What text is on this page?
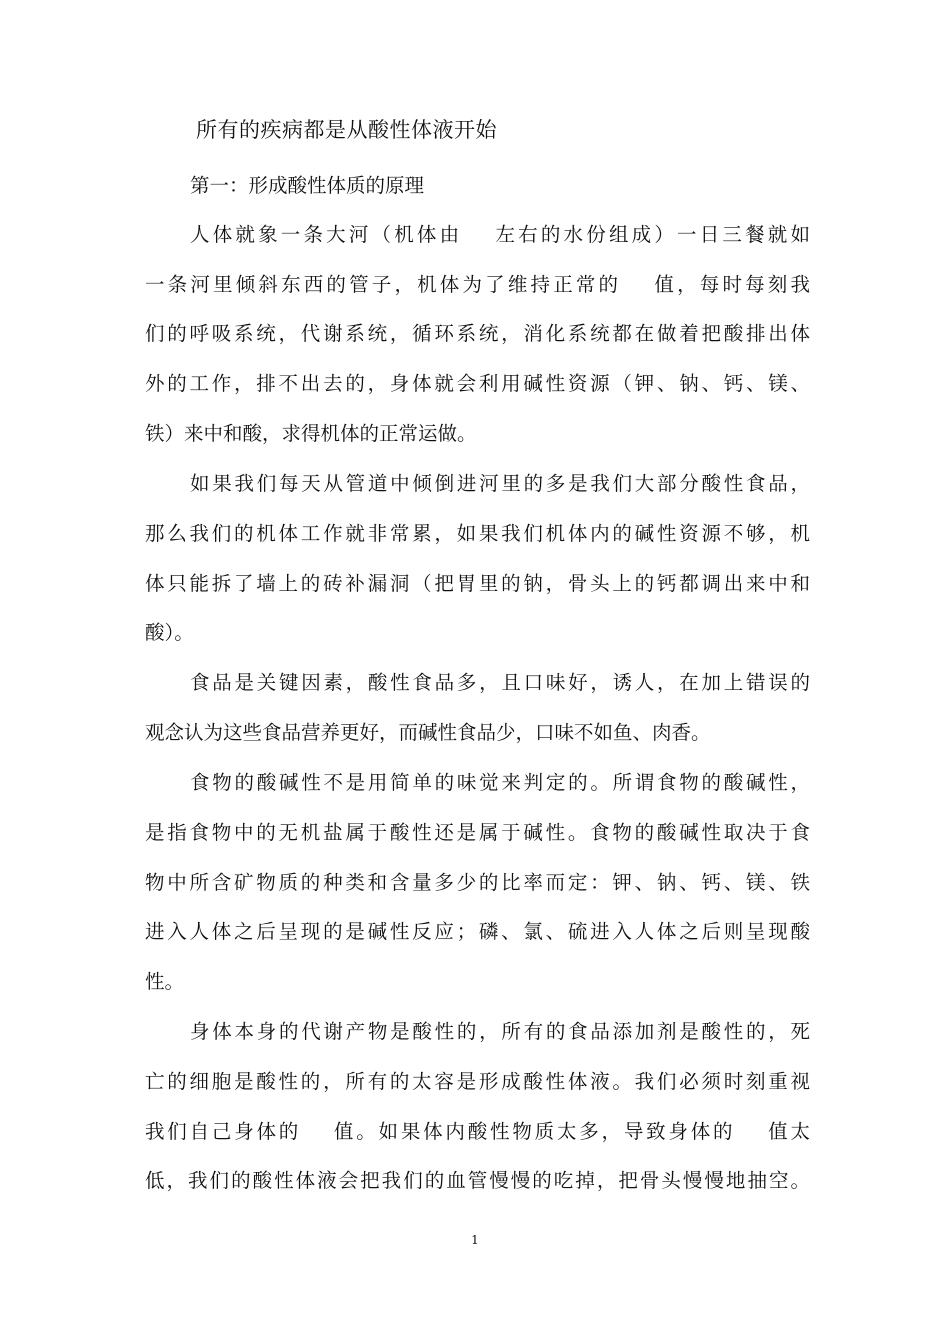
所有的疾病都是从酸性体液开始
第一：形成酸性体质的原理
人体就象一条大河（机体由 左右的水份组成）一日三餐就如
一条河里倾斜东西的管子，机体为了维持正常的 值，每时每刻我
们的呼吸系统，代谢系统，循环系统，消化系统都在做着把酸排出体
外的工作，排不出去的，身体就会利用碱性资源（钾、钠、钙、镁、
铁）来中和酸，求得机体的正常运做。
如果我们每天从管道中倾倒进河里的多是我们大部分酸性食品，
那么我们的机体工作就非常累，如果我们机体内的碱性资源不够，机
体只能拆了墙上的砖补漏洞（把胃里的钠，骨头上的钙都调出来中和
酸）。
食品是关键因素，酸性食品多，且口味好，诱人，在加上错误的
观念认为这些食品营养更好，而碱性食品少，口味不如鱼、肉香。
食物的酸碱性不是用简单的味觉来判定的。所谓食物的酸碱性，
是指食物中的无机盐属于酸性还是属于碱性。食物的酸碱性取决于食
物中所含矿物质的种类和含量多少的比率而定：钾、钠、钙、镁、铁
进入人体之后呈现的是碱性反应；磷、氯、硫进入人体之后则呈现酸
性。
身体本身的代谢产物是酸性的，所有的食品添加剂是酸性的，死
亡的细胞是酸性的，所有的太容是形成酸性体液。我们必须时刻重视
我们自己身体的 值。如果体内酸性物质太多，导致身体的 值太
低，我们的酸性体液会把我们的血管慢慢的吃掉，把骨头慢慢地抽空。
1
